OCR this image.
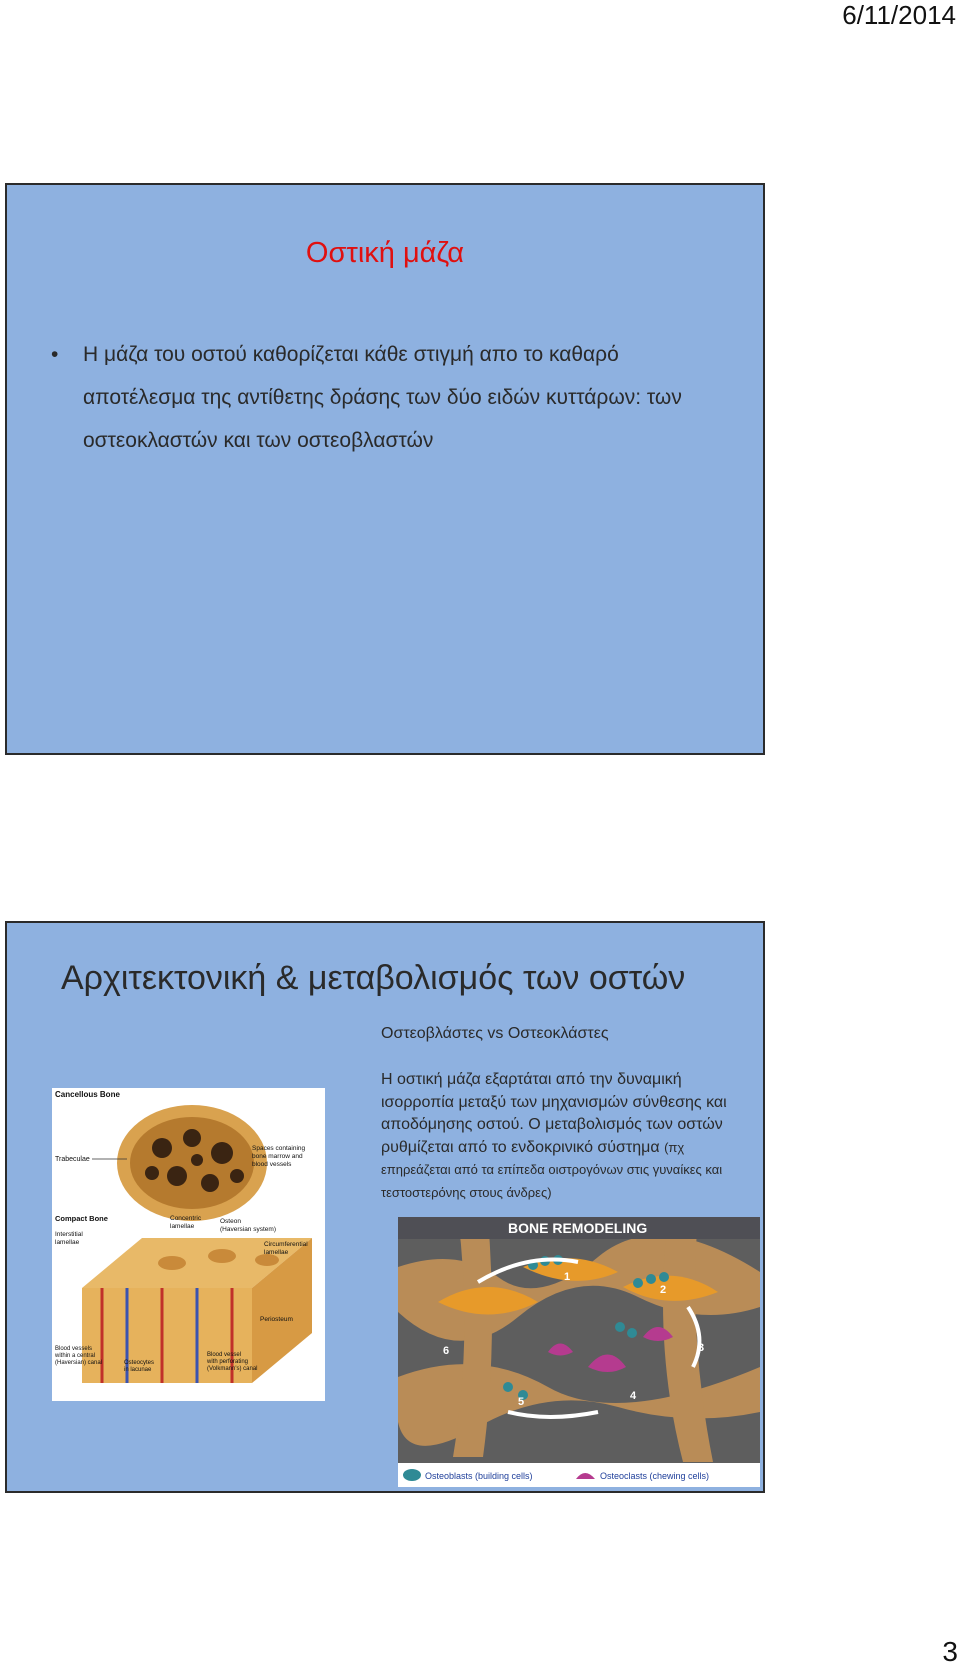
6/11/2014
Οστική μάζα
•	Η μάζα του οστού καθορίζεται κάθε στιγμή απο το καθαρό αποτέλεσμα της αντίθετης δράσης των δύο ειδών κυττάρων: των οστεοκλαστών και των οστεοβλαστών
Αρχιτεκτονική & μεταβολισμός των οστών
Οστεοβλάστες vs Οστεοκλάστες
Η οστική μάζα εξαρτάται από την δυναμική ισορροπία μεταξύ των μηχανισμών σύνθεσης και αποδόμησης οστού. Ο μεταβολισμός των οστών ρυθμίζεται από το ενδοκρινικό σύστημα (πχ επηρεάζεται από τα επίπεδα οιστρογόνων στις γυναίκες και τεστοστερόνης στους άνδρες)
Cancellous Bone
Trabeculae
Spaces containing bone marrow and blood vessels
Compact Bone
Interstitial lamellae
Concentric lamellae
Osteon (Haversian system)
Circumferential lamellae
Periosteum
Blood vessels within a central (Haversian) canal	Osteocytes in lacunae
Blood vessel with perforating (Volkmann's) canal
BONE REMODELING
1
2
3
4
5
6
Osteoblasts (building cells)	Osteoclasts (chewing cells)
3
